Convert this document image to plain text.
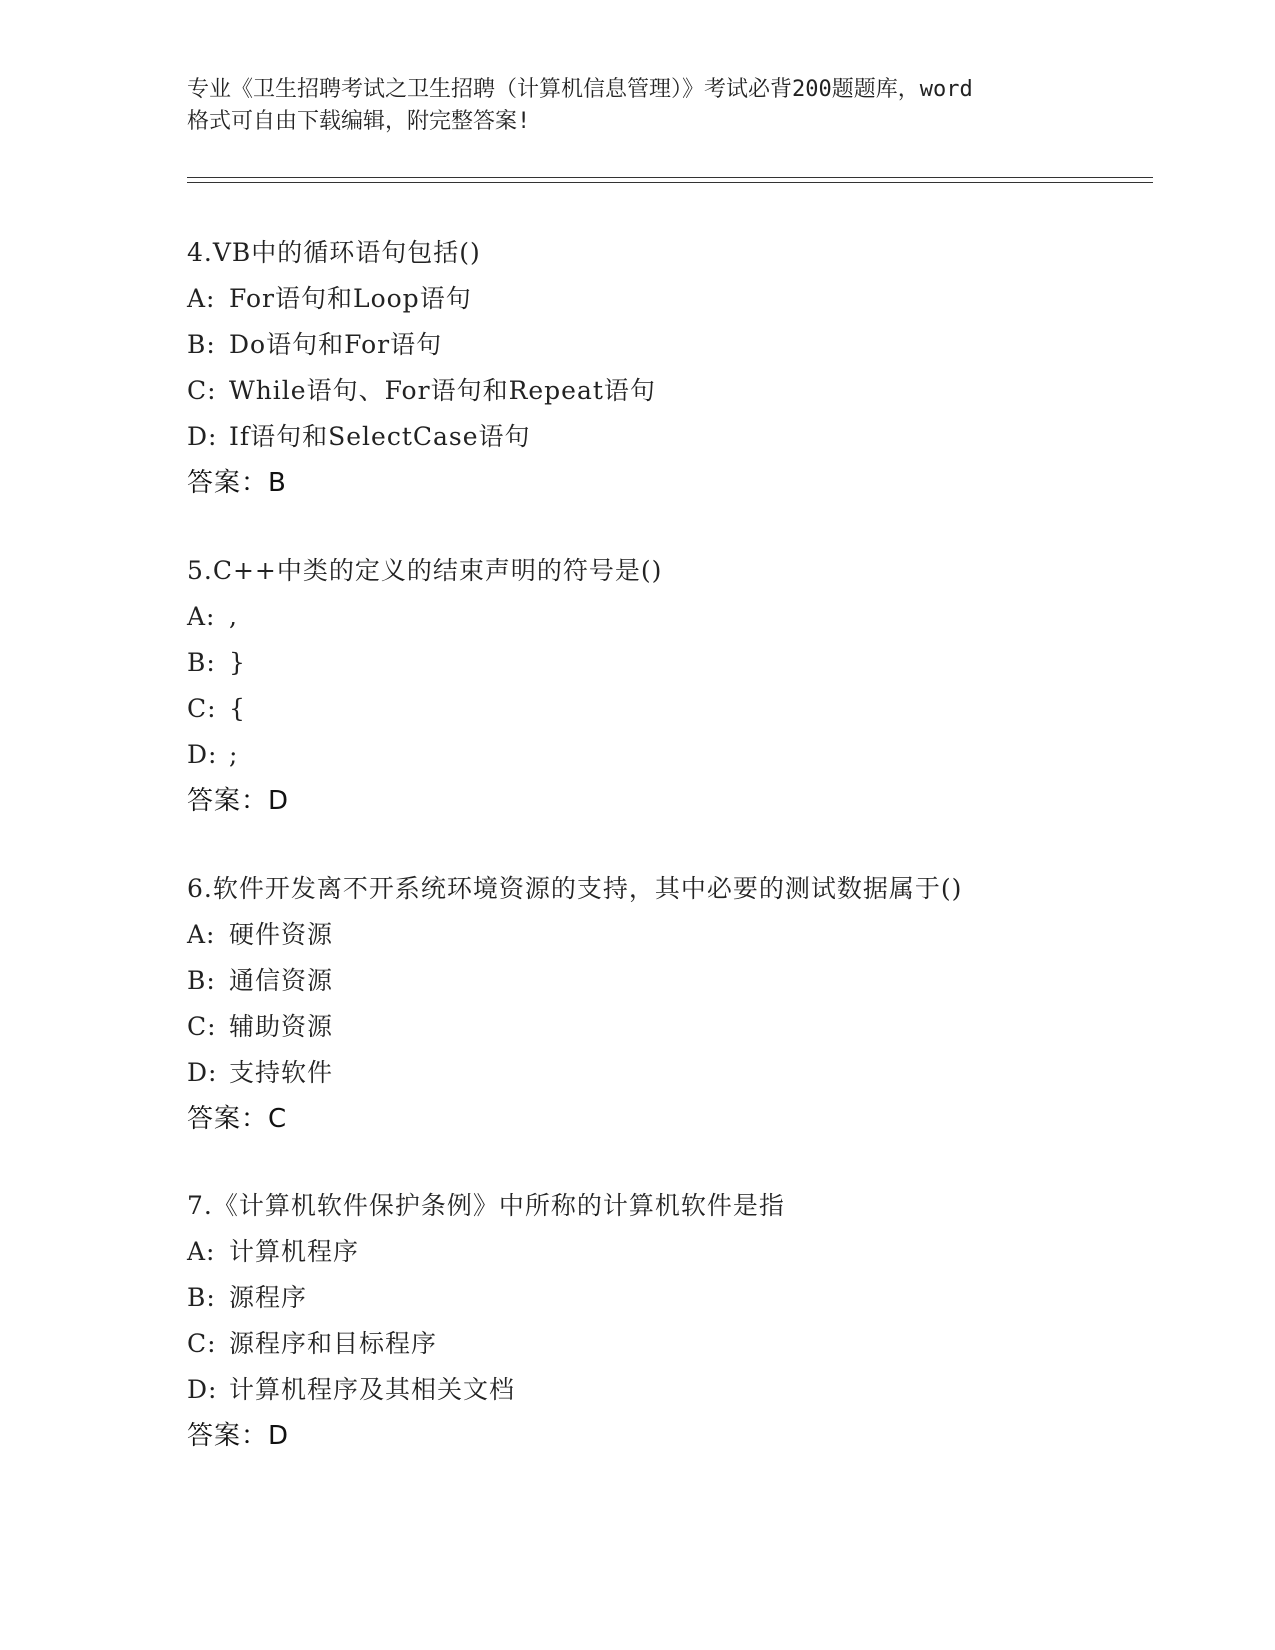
专业《卫生招聘考试之卫生招聘（计算机信息管理）》考试必背200题题库，word
格式可自由下载编辑，附完整答案!
4.VB中的循环语句包括()
A: For语句和Loop语句
B: Do语句和For语句
C: While语句、For语句和Repeat语句
D: If语句和SelectCase语句
答案：B
5.C++中类的定义的结束声明的符号是()
A: ,
B: }
C: {
D: ;
答案：D
6.软件开发离不开系统环境资源的支持，其中必要的测试数据属于()
A: 硬件资源
B: 通信资源
C: 辅助资源
D: 支持软件
答案：C
7.《计算机软件保护条例》中所称的计算机软件是指
A: 计算机程序
B: 源程序
C: 源程序和目标程序
D: 计算机程序及其相关文档
答案：D
